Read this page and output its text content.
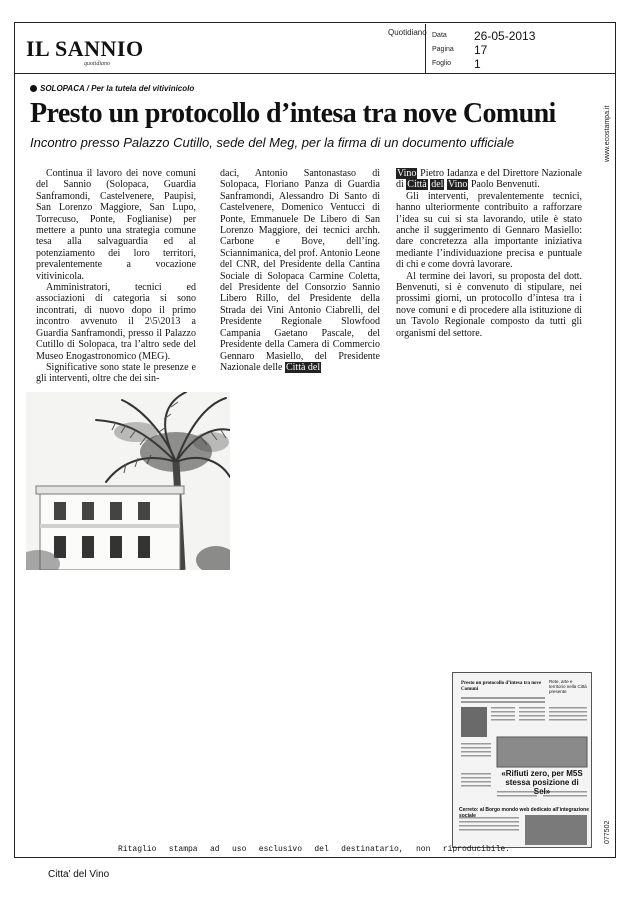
IL SANNIO
quotidiano
Quotidiano Data 26-05-2013
Pagina 17
Foglio 1
SOLOPACA / Per la tutela del vitivinicolo
Presto un protocollo d’intesa tra nove Comuni
Incontro presso Palazzo Cutillo, sede del Meg, per la firma di un documento ufficiale

Continua il lavoro dei nove comuni del Sannio (Solopaca, Guardia Sanframondi, Castelvenere, Paupisi, San Lorenzo Maggiore, San Lupo, Torrecuso, Ponte, Foglianise) per mettere a punto una strategia comune tesa alla salvaguardia ed al potenziamento dei loro territori, prevalentemente a vocazione vitivinicola.

Amministratori, tecnici ed associazioni di categoria si sono incontrati, di nuovo dopo il primo incontro avvenuto il 2\5\2013 a Guardia Sanframondi, presso il Palazzo Cutillo di Solopaca, tra l’altro sede del Museo Enogastronomico (MEG).

Significative sono state le presenze e gli interventi, oltre che dei sin-

daci, Antonio Santonastaso di Solopaca, Floriano Panza di Guardia Sanframondi, Alessandro Di Santo di Castelvenere, Domenico Ventucci di Ponte, Emmanuele De Libero di San Lorenzo Maggiore, dei tecnici archh. Carbone e Bove, dell’ing. Sciannimanica, del prof. Antonio Leone del CNR, del Presidente della Cantina Sociale di Solopaca Carmine Coletta, del Presidente del Consorzio Sannio Libero Rillo, del Presidente della Strada dei Vini Antonio Ciabrelli, del Presidente Regionale Slowfood Campania Gaetano Pascale, del Presidente della Camera di Commercio Gennaro Masiello, del Presidente Nazionale delle Città del

Vino Pietro Iadanza e del Direttore Nazionale di Città del Vino Paolo Benvenuti.

Gli interventi, prevalentemente tecnici, hanno ulteriormente contribuito a rafforzare l’idea su cui si sta lavorando, utile è stato anche il suggerimento di Gennaro Masiello: dare concretezza alla importante iniziativa mediante l’individuazione precisa e puntuale di chi e come dovrà lavorare.

Al termine dei lavori, su proposta del dott. Benvenuti, si è convenuto di stipulare, nei prossimi giorni, un protocollo d’intesa tra i nove comuni e di procedere alla istituzione di un Tavolo Regionale composto da tutti gli organismi del settore.

Presto un protocollo d’intesa tra nove Comuni
Rete, arte e territorio nella Città presente
«Rifiuti zero, per M5S stessa posizione di Sel»
Cerreto: al Borgo mondo web dedicato all’integrazione sociale
Ritaglio stampa ad uso esclusivo del destinatario, non riproducibile.
www.ecostampa.it
077502
Citta' del Vino
